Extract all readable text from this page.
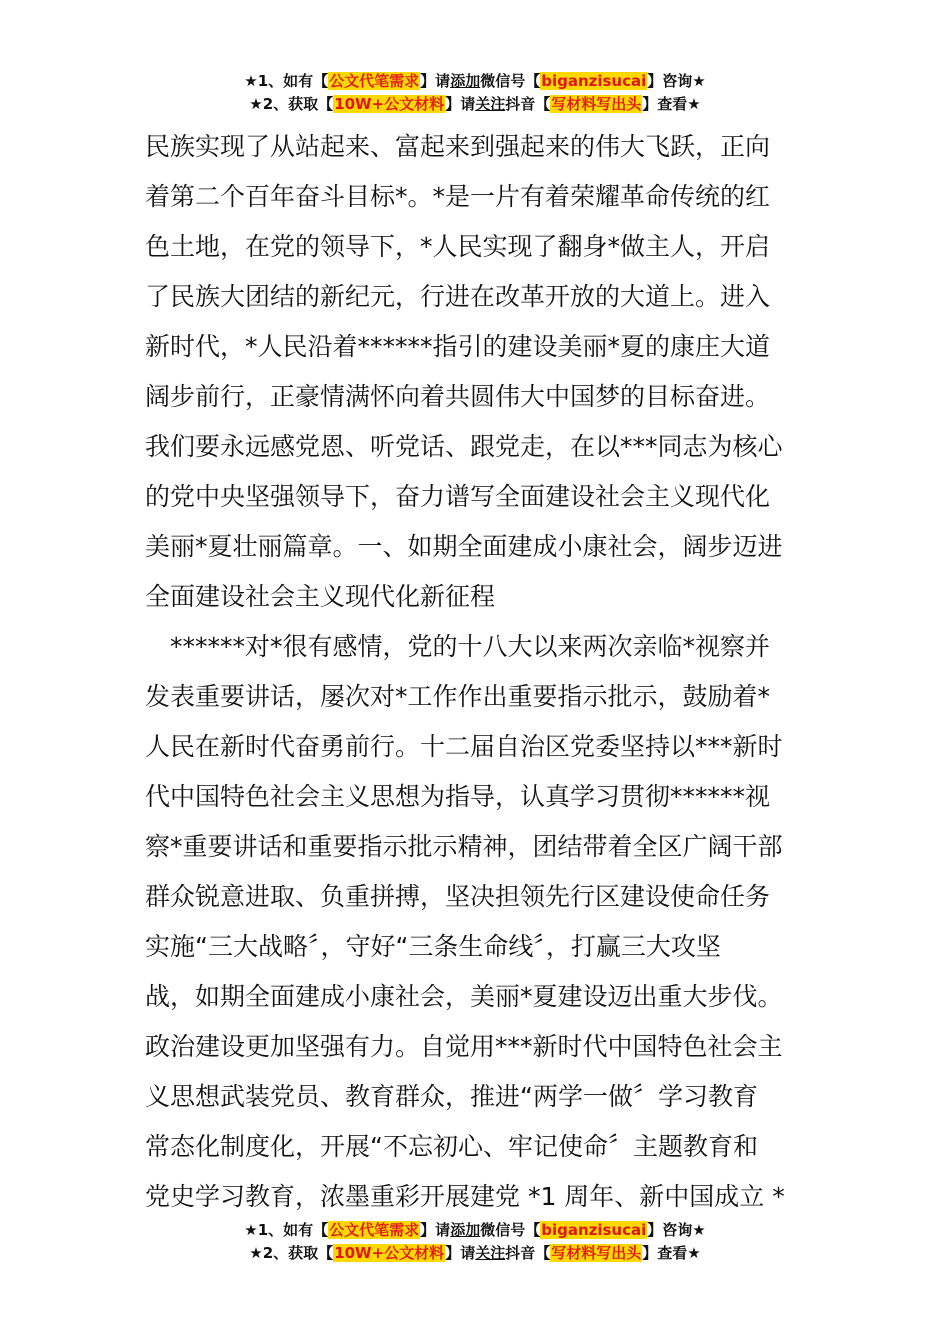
★1、如有【公文代笔需求】请添加微信号【biganzisucai】咨询★
★2、获取【10W+公文材料】请关注抖音【写材料写出头】查看★
民族实现了从站起来、富起来到强起来的伟大飞跃，正向
着第二个百年奋斗目标*。*是一片有着荣耀革命传统的红
色土地，在党的领导下，*人民实现了翻身*做主人，开启
了民族大团结的新纪元，行进在改革开放的大道上。进入
新时代，*人民沿着******指引的建设美丽*夏的康庄大道
阔步前行，正豪情满怀向着共圆伟大中国梦的目标奋进。
我们要永远感党恩、听党话、跟党走，在以***同志为核心
的党中央坚强领导下，奋力谱写全面建设社会主义现代化
美丽*夏壮丽篇章。一、如期全面建成小康社会，阔步迈进
全面建设社会主义现代化新征程
　******对*很有感情，党的十八大以来两次亲临*视察并
发表重要讲话，屡次对*工作作出重要指示批示，鼓励着*
人民在新时代奋勇前行。十二届自治区党委坚持以***新时
代中国特色社会主义思想为指导，认真学习贯彻******视
察*重要讲话和重要指示批示精神，团结带着全区广阔干部
群众锐意进取、负重拼搏，坚决担领先行区建设使命任务
实施“三大战略〞，守好“三条生命线〞，打赢三大攻坚
战，如期全面建成小康社会，美丽*夏建设迈出重大步伐。
政治建设更加坚强有力。自觉用***新时代中国特色社会主
义思想武装党员、教育群众，推进“两学一做〞学习教育
常态化制度化，开展“不忘初心、牢记使命〞主题教育和
党史学习教育，浓墨重彩开展建党 *1 周年、新中国成立 *
★1、如有【公文代笔需求】请添加微信号【biganzisucai】咨询★
★2、获取【10W+公文材料】请关注抖音【写材料写出头】查看★
